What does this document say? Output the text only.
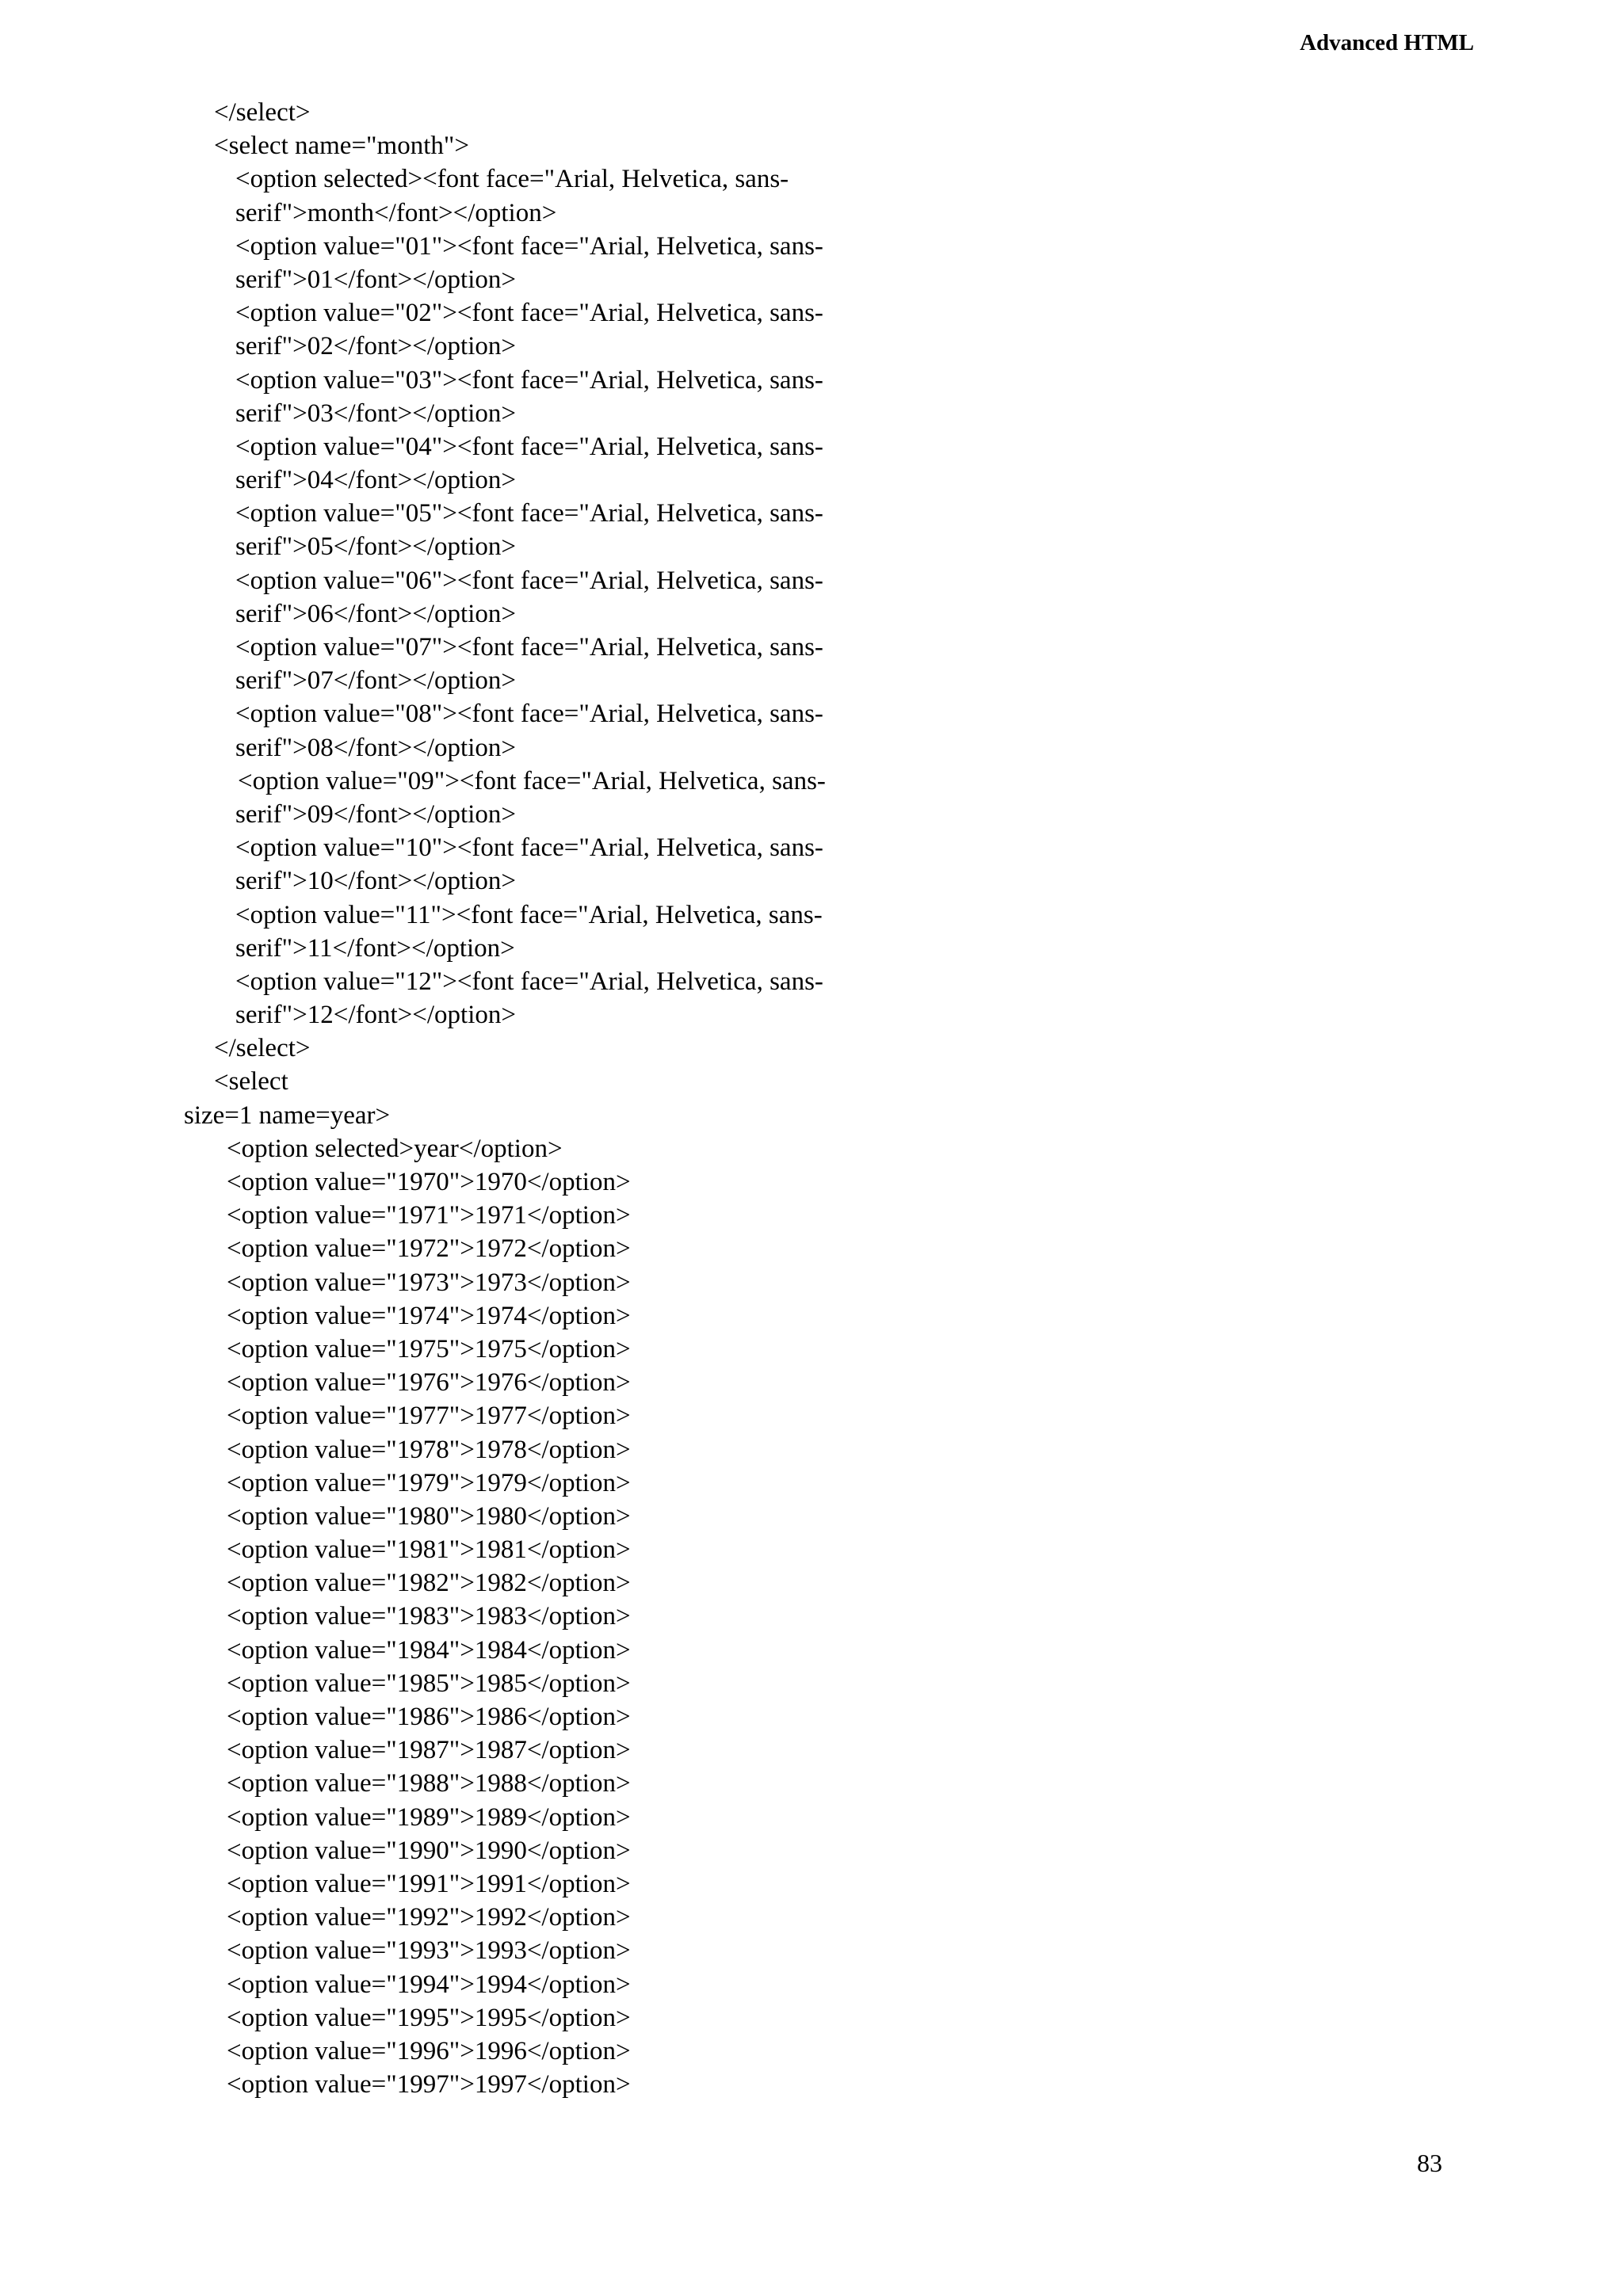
Advanced HTML
</select>
<select name="month">
<option selected><font face="Arial, Helvetica, sans-
serif">month</font></option>
<option value="01"><font face="Arial, Helvetica, sans-
serif">01</font></option>
<option value="02"><font face="Arial, Helvetica, sans-
serif">02</font></option>
<option value="03"><font face="Arial, Helvetica, sans-
serif">03</font></option>
<option value="04"><font face="Arial, Helvetica, sans-
serif">04</font></option>
<option value="05"><font face="Arial, Helvetica, sans-
serif">05</font></option>
<option value="06"><font face="Arial, Helvetica, sans-
serif">06</font></option>
<option value="07"><font face="Arial, Helvetica, sans-
serif">07</font></option>
<option value="08"><font face="Arial, Helvetica, sans-
serif">08</font></option>
<option value="09"><font face="Arial, Helvetica, sans-
serif">09</font></option>
<option value="10"><font face="Arial, Helvetica, sans-
serif">10</font></option>
<option value="11"><font face="Arial, Helvetica, sans-
serif">11</font></option>
<option value="12"><font face="Arial, Helvetica, sans-
serif">12</font></option>
</select>
<select
size=1 name=year>
<option selected>year</option>
<option value="1970">1970</option>
<option value="1971">1971</option>
<option value="1972">1972</option>
<option value="1973">1973</option>
<option value="1974">1974</option>
<option value="1975">1975</option>
<option value="1976">1976</option>
<option value="1977">1977</option>
<option value="1978">1978</option>
<option value="1979">1979</option>
<option value="1980">1980</option>
<option value="1981">1981</option>
<option value="1982">1982</option>
<option value="1983">1983</option>
<option value="1984">1984</option>
<option value="1985">1985</option>
<option value="1986">1986</option>
<option value="1987">1987</option>
<option value="1988">1988</option>
<option value="1989">1989</option>
<option value="1990">1990</option>
<option value="1991">1991</option>
<option value="1992">1992</option>
<option value="1993">1993</option>
<option value="1994">1994</option>
<option value="1995">1995</option>
<option value="1996">1996</option>
<option value="1997">1997</option>
83
